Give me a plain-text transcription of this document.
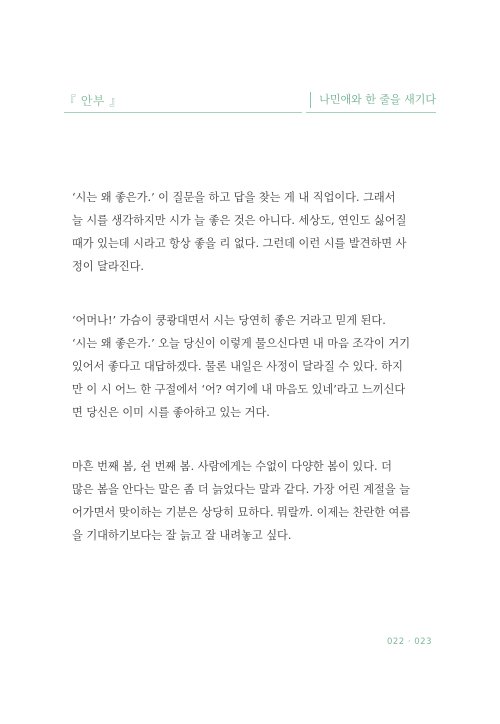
『 안부 』	나민애와 한 줄을 새기다

‘시는 왜 좋은가.’ 이 질문을 하고 답을 찾는 게 내 직업이다. 그래서
늘 시를 생각하지만 시가 늘 좋은 것은 아니다. 세상도, 연인도 싫어질
때가 있는데 시라고 항상 좋을 리 없다. 그런데 이런 시를 발견하면 사
정이 달라진다.

‘어머나!’ 가슴이 쿵쾅대면서 시는 당연히 좋은 거라고 믿게 된다.
‘시는 왜 좋은가.’ 오늘 당신이 이렇게 물으신다면 내 마음 조각이 거기
있어서 좋다고 대답하겠다. 물론 내일은 사정이 달라질 수 있다. 하지
만 이 시 어느 한 구절에서 ‘어? 여기에 내 마음도 있네’라고 느끼신다
면 당신은 이미 시를 좋아하고 있는 거다.

마흔 번째 봄, 쉰 번째 봄. 사람에게는 수없이 다양한 봄이 있다. 더
많은 봄을 안다는 말은 좀 더 늙었다는 말과 같다. 가장 어린 계절을 늘
어가면서 맞이하는 기분은 상당히 묘하다. 뭐랄까. 이제는 찬란한 여름
을 기대하기보다는 잘 늙고 잘 내려놓고 싶다.

022 · 023
